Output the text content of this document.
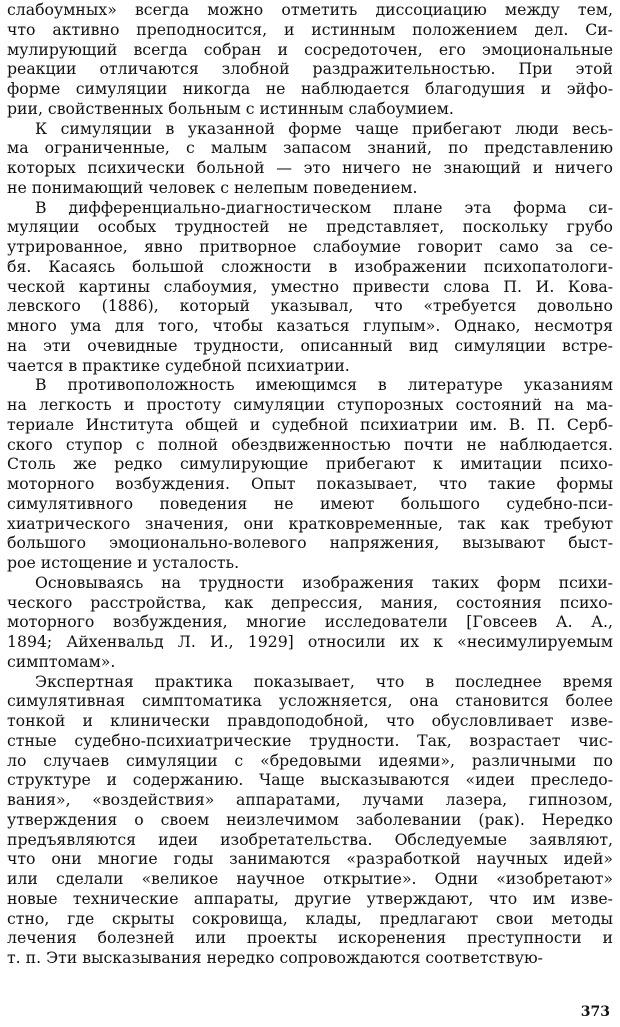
слабоумных» всегда можно отметить диссоциацию между тем,
что активно преподносится, и истинным положением дел. Си-
мулирующий всегда собран и сосредоточен, его эмоциональные
реакции отличаются злобной раздражительностью. При этой
форме симуляции никогда не наблюдается благодушия и эйфо-
рии, свойственных больным с истинным слабоумием.
К симуляции в указанной форме чаще прибегают люди весь-
ма ограниченные, с малым запасом знаний, по представлению
которых психически больной — это ничего не знающий и ничего
не понимающий человек с нелепым поведением.
В дифференциально-диагностическом плане эта форма си-
муляции особых трудностей не представляет, поскольку грубо
утрированное, явно притворное слабоумие говорит само за се-
бя. Касаясь большой сложности в изображении психопатологи-
ческой картины слабоумия, уместно привести слова П. И. Кова-
левского (1886), который указывал, что «требуется довольно
много ума для того, чтобы казаться глупым». Однако, несмотря
на эти очевидные трудности, описанный вид симуляции встре-
чается в практике судебной психиатрии.
В противоположность имеющимся в литературе указаниям
на легкость и простоту симуляции ступорозных состояний на ма-
териале Института общей и судебной психиатрии им. В. П. Серб-
ского ступор с полной обездвиженностью почти не наблюдается.
Столь же редко симулирующие прибегают к имитации психо-
моторного возбуждения. Опыт показывает, что такие формы
симулятивного поведения не имеют большого судебно-пси-
хиатрического значения, они кратковременные, так как требуют
большого эмоционально-волевого напряжения, вызывают быст-
рое истощение и усталость.
Основываясь на трудности изображения таких форм психи-
ческого расстройства, как депрессия, мания, состояния психо-
моторного возбуждения, многие исследователи [Говсеев А. А.,
1894; Айхенвальд Л. И., 1929] относили их к «несимулируемым
симптомам».
Экспертная практика показывает, что в последнее время
симулятивная симптоматика усложняется, она становится более
тонкой и клинически правдоподобной, что обусловливает изве-
стные судебно-психиатрические трудности. Так, возрастает чис-
ло случаев симуляции с «бредовыми идеями», различными по
структуре и содержанию. Чаще высказываются «идеи преследо-
вания», «воздействия» аппаратами, лучами лазера, гипнозом,
утверждения о своем неизлечимом заболевании (рак). Нередко
предъявляются идеи изобретательства. Обследуемые заявляют,
что они многие годы занимаются «разработкой научных идей»
или сделали «великое научное открытие». Одни «изобретают»
новые технические аппараты, другие утверждают, что им изве-
стно, где скрыты сокровища, клады, предлагают свои методы
лечения болезней или проекты искоренения преступности и
т. п. Эти высказывания нередко сопровождаются соответствую-
373
